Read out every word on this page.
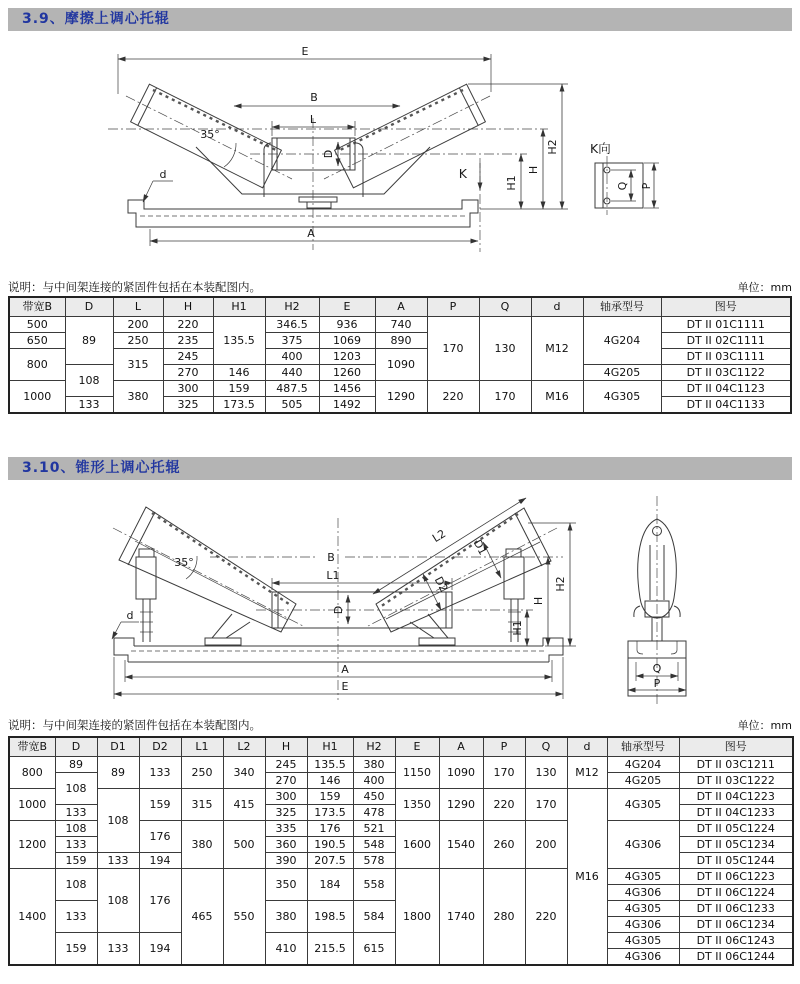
3.9、摩擦上调心托辊
E
B
L
D
35°
d	K
A
H1
H
H2 K向
Q P
说明：与中间架连接的紧固件包括在本装配图内。	单位：mm
带宽B	D	L	H	H1	H2	E	A	P	Q	d	轴承型号	图号
500	89	200	220	135.5	346.5	936	740	170	130	M12	4G204	DT II 01C1111
650		250	235		375	1069	890					DT II 02C1111
800		315	245		400	1203	1090					DT II 03C1111
	108		270	146	440	1260					4G205	DT II 03C1122
1000		380	300	159	487.5	1456	1290	220	170	M16	4G305	DT II 04C1123
	133		325	173.5	505	1492						DT II 04C1133
3.10、锥形上调心托辊
L1
D
B
L2
D1
D2
35°
d
A
E
H2
H
H1
Q
P
说明：与中间架连接的紧固件包括在本装配图内。	单位：mm
带宽B	D	D1	D2	L1	L2	H	H1	H2	E	A	P	Q	d	轴承型号	图号
800	89	89	133	250	340	245	135.5	380	1150	1090	170	130	M12	4G204	DT II 03C1211
	108					270	146	400						4G205	DT II 03C1222
1000		108	159	315	415	300	159	450	1350	1290	220	170	M16	4G305	DT II 04C1223
	133					325	173.5	478							DT II 04C1233
1200	108		176	380	500	335	176	521	1600	1540	260	200		4G306	DT II 05C1224
	133					360	190.5	548							DT II 05C1234
	159	133	194			390	207.5	578							DT II 05C1244
1400	108	108	176	465	550	350	184	558	1800	1740	280	220		4G305	DT II 06C1223
														4G306	DT II 06C1224
	133					380	198.5	584						4G305	DT II 06C1233
														4G306	DT II 06C1234
	159	133	194			410	215.5	615						4G305	DT II 06C1243
														4G306	DT II 06C1244
